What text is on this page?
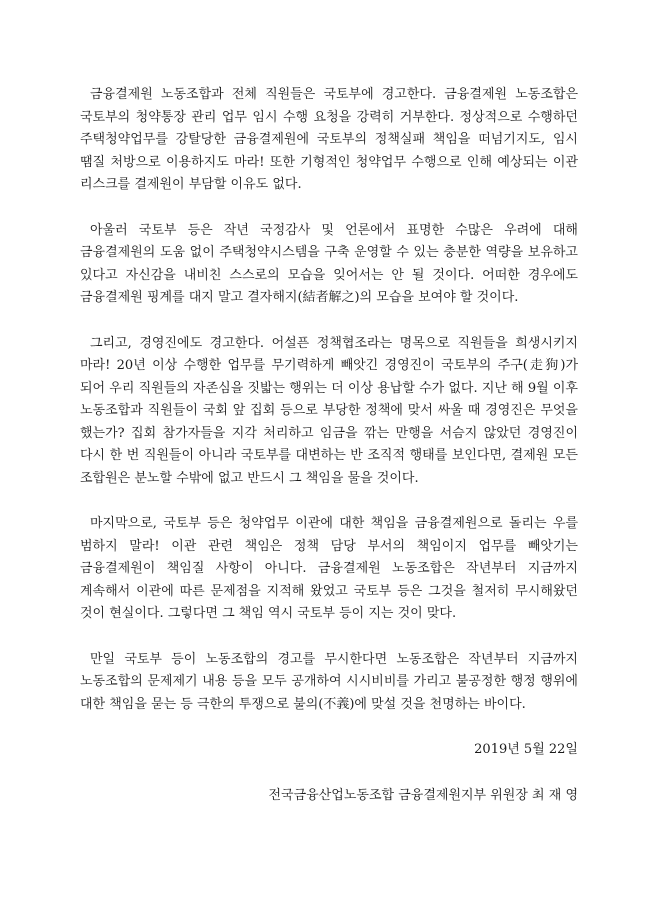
금융결제원 노동조합과 전체 직원들은 국토부에 경고한다. 금융결제원 노동조합은 국토부의 청약통장 관리 업무 임시 수행 요청을 강력히 거부한다. 정상적으로 수행하던 주택청약업무를 강탈당한 금융결제원에 국토부의 정책실패 책임을 떠넘기지도, 임시 땜질 처방으로 이용하지도 마라! 또한 기형적인 청약업무 수행으로 인해 예상되는 이관 리스크를 결제원이 부담할 이유도 없다.

아울러 국토부 등은 작년 국정감사 및 언론에서 표명한 수많은 우려에 대해 금융결제원의 도움 없이 주택청약시스템을 구축 운영할 수 있는 충분한 역량을 보유하고 있다고 자신감을 내비친 스스로의 모습을 잊어서는 안 될 것이다. 어떠한 경우에도 금융결제원 핑계를 대지 말고 결자해지(結者解之)의 모습을 보여야 할 것이다.

그리고, 경영진에도 경고한다. 어설픈 정책협조라는 명목으로 직원들을 희생시키지 마라! 20년 이상 수행한 업무를 무기력하게 빼앗긴 경영진이 국토부의 주구(走狗)가 되어 우리 직원들의 자존심을 짓밟는 행위는 더 이상 용납할 수가 없다. 지난 해 9월 이후 노동조합과 직원들이 국회 앞 집회 등으로 부당한 정책에 맞서 싸울 때 경영진은 무엇을 했는가? 집회 참가자들을 지각 처리하고 임금을 깎는 만행을 서슴지 않았던 경영진이 다시 한 번 직원들이 아니라 국토부를 대변하는 반 조직적 행태를 보인다면, 결제원 모든 조합원은 분노할 수밖에 없고 반드시 그 책임을 물을 것이다.

마지막으로, 국토부 등은 청약업무 이관에 대한 책임을 금융결제원으로 돌리는 우를 범하지 말라! 이관 관련 책임은 정책 담당 부서의 책임이지 업무를 빼앗기는 금융결제원이 책임질 사항이 아니다. 금융결제원 노동조합은 작년부터 지금까지 계속해서 이관에 따른 문제점을 지적해 왔었고 국토부 등은 그것을 철저히 무시해왔던 것이 현실이다. 그렇다면 그 책임 역시 국토부 등이 지는 것이 맞다.

만일 국토부 등이 노동조합의 경고를 무시한다면 노동조합은 작년부터 지금까지 노동조합의 문제제기 내용 등을 모두 공개하여 시시비비를 가리고 불공정한 행정 행위에 대한 책임을 묻는 등 극한의 투쟁으로 불의(不義)에 맞설 것을 천명하는 바이다.

2019년 5월 22일

전국금융산업노동조합 금융결제원지부 위원장 최 재 영
